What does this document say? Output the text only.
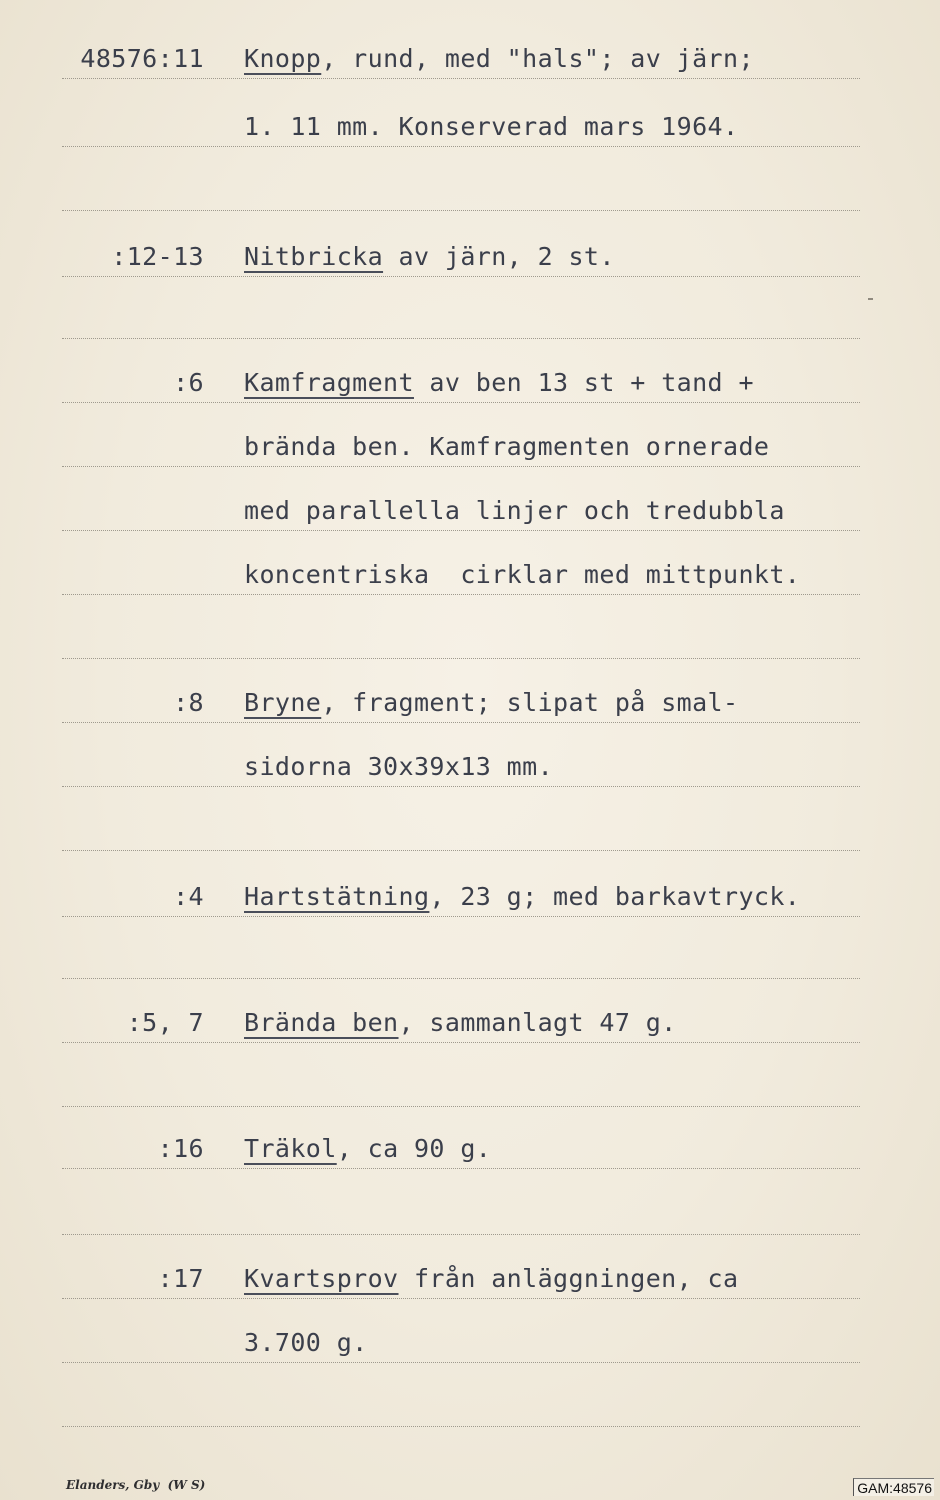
48576:11 Knopp, rund, med "hals"; av järn;
1. 11 mm. Konserverad mars 1964.
:12-13 Nitbricka av järn, 2 st.
:6 Kamfragment av ben 13 st + tand +
brända ben. Kamfragmenten ornerade
med parallella linjer och tredubbla
koncentriska  cirklar med mittpunkt.
:8 Bryne, fragment; slipat på smal-
sidorna 30x39x13 mm.
:4 Hartstätning, 23 g; med barkavtryck.
:5, 7 Brända ben, sammanlagt 47 g.
:16 Träkol, ca 90 g.
:17 Kvartsprov från anläggningen, ca
3.700 g.
Elanders, Gby  (W S)	GAM:48576
